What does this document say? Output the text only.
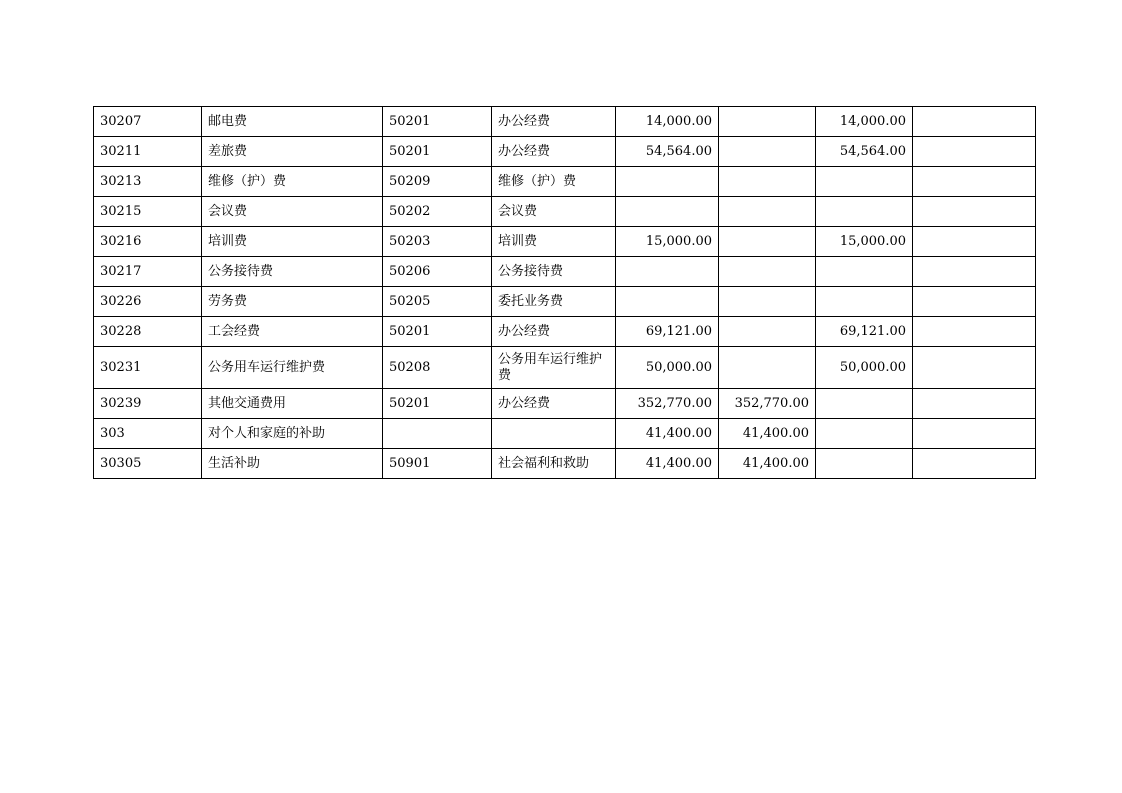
30207	邮电费	50201	办公经费	14,000.00		14,000.00	
30211	差旅费	50201	办公经费	54,564.00		54,564.00	
30213	维修（护）费	50209	维修（护）费				
30215	会议费	50202	会议费				
30216	培训费	50203	培训费	15,000.00		15,000.00	
30217	公务接待费	50206	公务接待费				
30226	劳务费	50205	委托业务费				
30228	工会经费	50201	办公经费	69,121.00		69,121.00	
30231	公务用车运行维护费	50208	公务用车运行维护费	50,000.00		50,000.00	
30239	其他交通费用	50201	办公经费	352,770.00	352,770.00		
303	对个人和家庭的补助			41,400.00	41,400.00		
30305	生活补助	50901	社会福利和救助	41,400.00	41,400.00		
